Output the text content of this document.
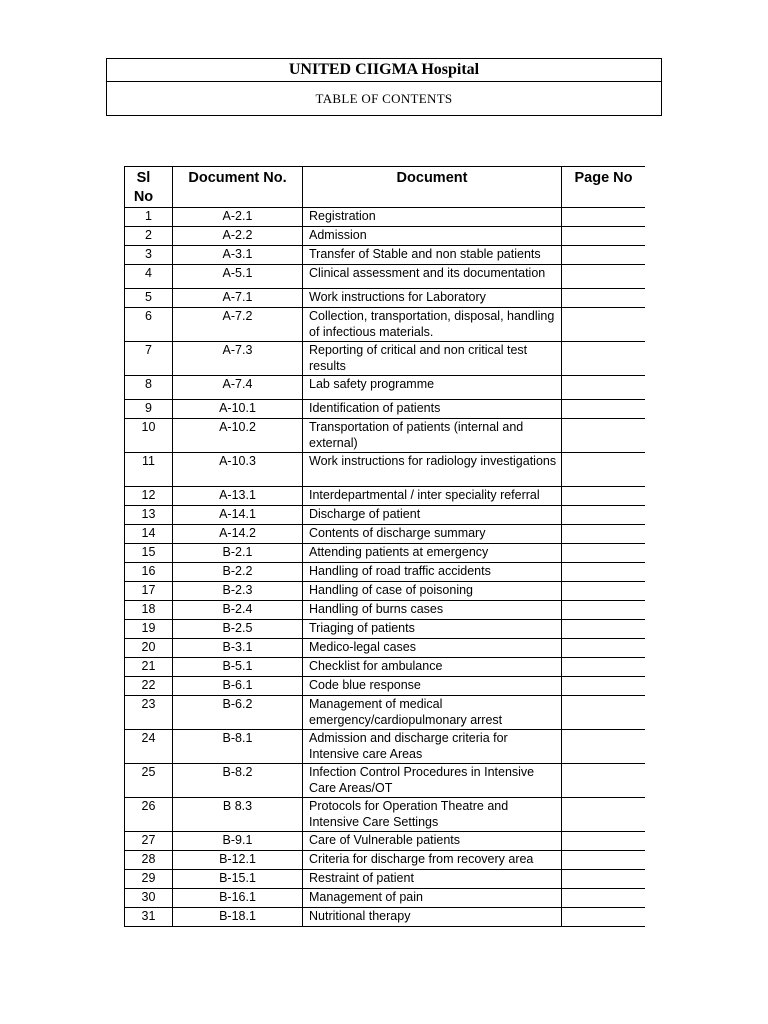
UNITED CIIGMA Hospital
TABLE OF CONTENTS
Sl No	Document No.	Document	Page No
1	A-2.1	Registration	
2	A-2.2	Admission	
3	A-3.1	Transfer of Stable and non stable patients	
4	A-5.1	Clinical assessment and its documentation	
5	A-7.1	Work instructions for Laboratory	
6	A-7.2	Collection, transportation, disposal, handling of infectious materials.	
7	A-7.3	Reporting of critical and non critical test results	
8	A-7.4	Lab safety programme	
9	A-10.1	Identification of patients	
10	A-10.2	Transportation of patients (internal and external)	
11	A-10.3	Work instructions for radiology investigations	
12	A-13.1	Interdepartmental / inter speciality referral	
13	A-14.1	Discharge of patient	
14	A-14.2	Contents of discharge summary	
15	B-2.1	Attending patients at emergency	
16	B-2.2	Handling of road traffic accidents	
17	B-2.3	Handling of case of poisoning	
18	B-2.4	Handling of burns cases	
19	B-2.5	Triaging of patients	
20	B-3.1	Medico-legal cases	
21	B-5.1	Checklist for ambulance	
22	B-6.1	Code blue response	
23	B-6.2	Management of medical emergency/cardiopulmonary arrest	
24	B-8.1	Admission and discharge criteria for Intensive care Areas	
25	B-8.2	Infection Control Procedures in Intensive Care Areas/OT	
26	B 8.3	Protocols for Operation Theatre and Intensive Care Settings	
27	B-9.1	Care of Vulnerable patients	
28	B-12.1	Criteria for discharge from recovery area	
29	B-15.1	Restraint of patient	
30	B-16.1	Management of pain	
31	B-18.1	Nutritional therapy	
